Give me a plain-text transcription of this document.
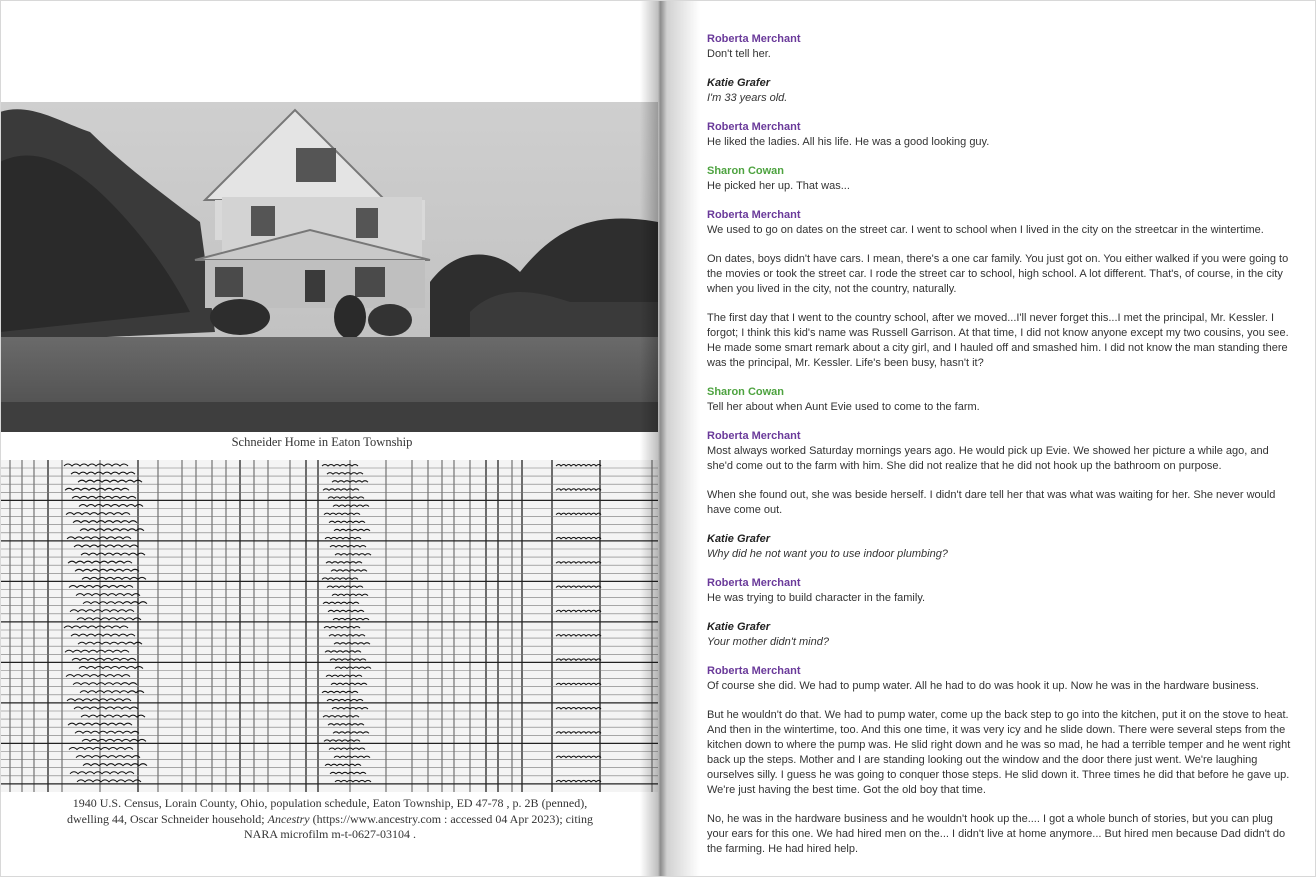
Schneider Home in Eaton Township
1940 U.S. Census, Lorain County, Ohio, population schedule, Eaton Township, ED 47-78 , p. 2B (penned),
dwelling 44, Oscar Schneider household; Ancestry (https://www.ancestry.com : accessed 04 Apr 2023); citing
NARA microfilm m-t-0627-03104 .
Roberta Merchant
Don't tell her.
Katie Grafer
I'm 33 years old.
Roberta Merchant
He liked the ladies. All his life. He was a good looking guy.
Sharon Cowan
He picked her up. That was...
Roberta Merchant
We used to go on dates on the street car. I went to school when I lived in the city on the streetcar in the wintertime.
On dates, boys didn't have cars. I mean, there's a one car family. You just got on. You either walked if you were going to the movies or took the street car. I rode the street car to school, high school. A lot different. That's, of course, in the city when you lived in the city, not the country, naturally.
The first day that I went to the country school, after we moved...I'll never forget this...I met the principal, Mr. Kessler. I forgot; I think this kid's name was Russell Garrison. At that time, I did not know anyone except my two cousins, you see. He made some smart remark about a city girl, and I hauled off and smashed him. I did not know the man standing there was the principal, Mr. Kessler. Life's been busy, hasn't it?
Sharon Cowan
Tell her about when Aunt Evie used to come to the farm.
Roberta Merchant
Most always worked Saturday mornings years ago. He would pick up Evie. We showed her picture a while ago, and she'd come out to the farm with him. She did not realize that he did not hook up the bathroom on purpose.
When she found out, she was beside herself. I didn't dare tell her that was what was waiting for her. She never would have come out.
Katie Grafer
Why did he not want you to use indoor plumbing?
Roberta Merchant
He was trying to build character in the family.
Katie Grafer
Your mother didn't mind?
Roberta Merchant
Of course she did. We had to pump water. All he had to do was hook it up. Now he was in the hardware business.
But he wouldn't do that. We had to pump water, come up the back step to go into the kitchen, put it on the stove to heat. And then in the wintertime, too. And this one time, it was very icy and he slide down. There were several steps from the kitchen down to where the pump was. He slid right down and he was so mad, he had a terrible temper and he went right back up the steps. Mother and I are standing looking out the window and the door there just went. We're laughing ourselves silly. I guess he was going to conquer those steps. He slid down it. Three times he did that before he gave up. We're just having the best time. Got the old boy that time.
No, he was in the hardware business and he wouldn't hook up the.... I got a whole bunch of stories, but you can plug your ears for this one. We had hired men on the... I didn't live at home anymore... But hired men because Dad didn't do the farming. He had hired help.
